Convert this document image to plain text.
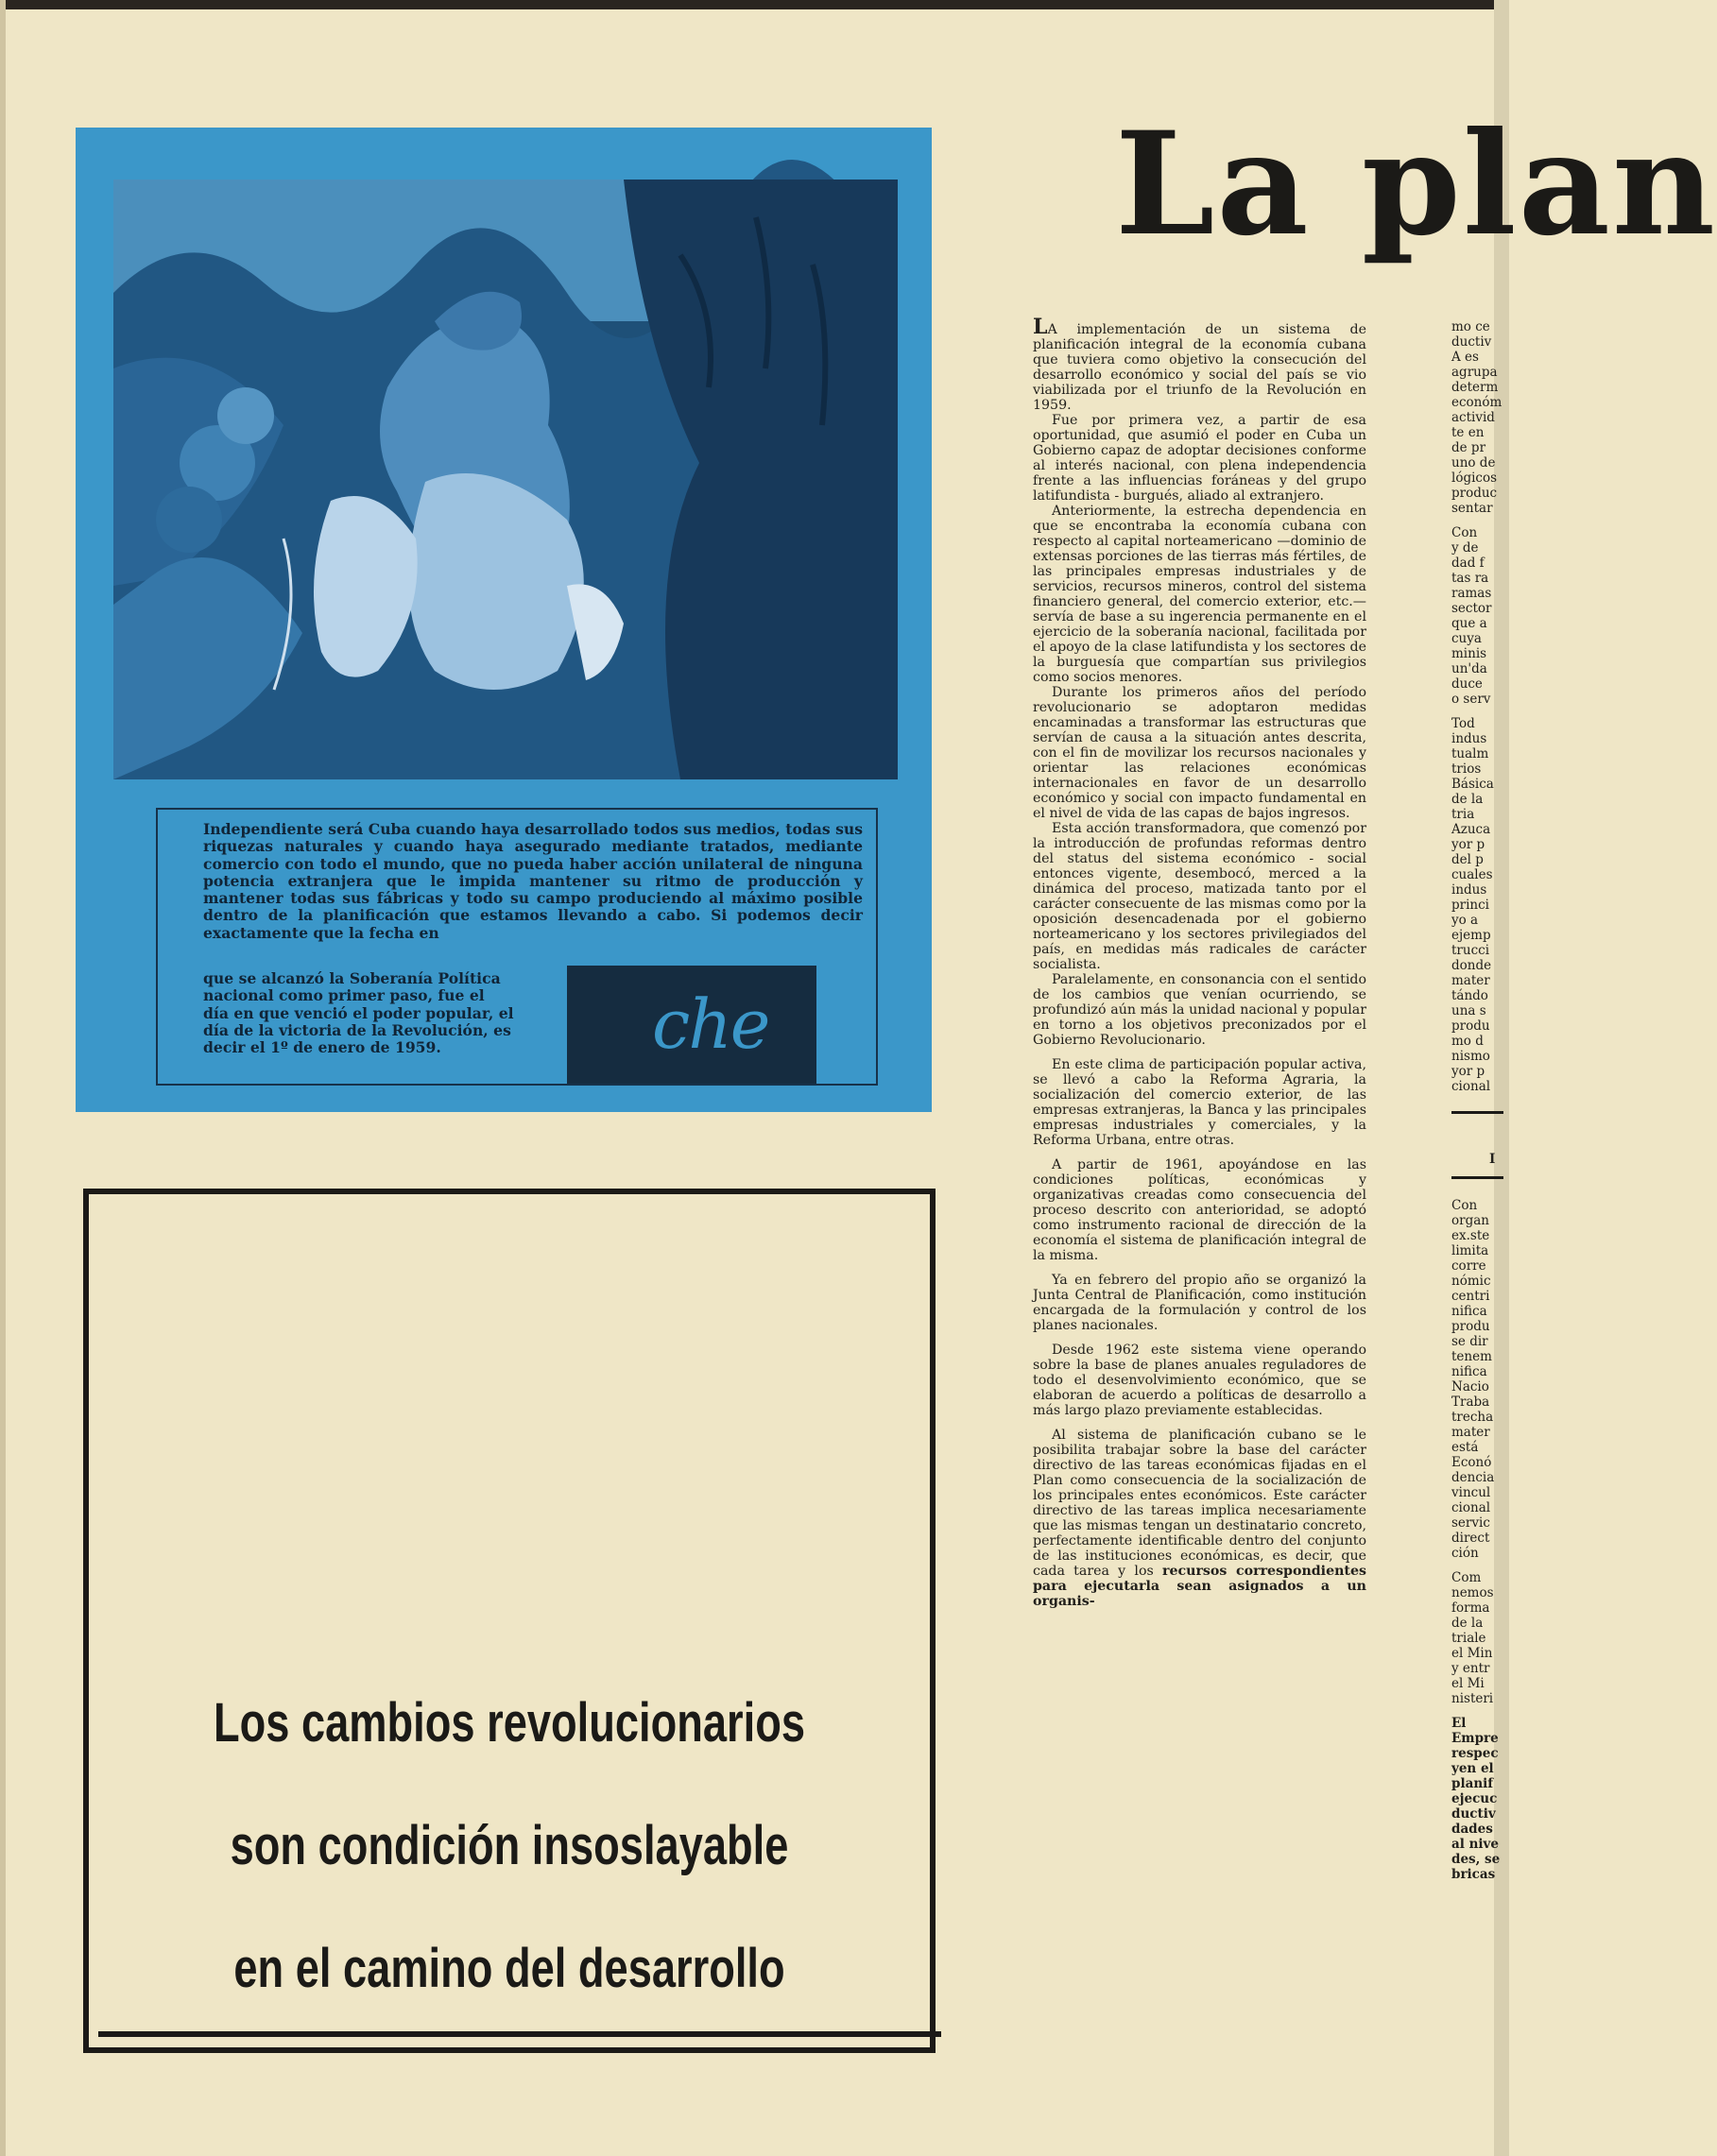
Independiente será Cuba cuando haya desarrollado todos sus medios, todas sus riquezas naturales y cuando haya asegurado mediante tratados, mediante comercio con todo el mundo, que no pueda haber acción unilateral de ninguna potencia extranjera que le impida mantener su ritmo de producción y mantener todas sus fábricas y todo su campo produciendo al máximo posible dentro de la planificación que estamos llevando a cabo. Si podemos decir exactamente que la fecha en
que se alcanzó la Soberanía Política nacional como primer paso, fue el día en que venció el poder popular, el día de la victoria de la Revolución, es decir el 1º de enero de 1959.	che
Los cambios revolucionarios
son condición insoslayable
en el camino del desarrollo
La plan

LA implementación de un sistema de planificación integral de la economía cubana que tuviera como objetivo la consecución del desarrollo económico y social del país se vio viabilizada por el triunfo de la Revolución en 1959.

Fue por primera vez, a partir de esa oportunidad, que asumió el poder en Cuba un Gobierno capaz de adoptar decisiones conforme al interés nacional, con plena independencia frente a las influencias foráneas y del grupo latifundista - burgués, aliado al extranjero.

Anteriormente, la estrecha dependencia en que se encontraba la economía cubana con respecto al capital norteamericano —dominio de extensas porciones de las tierras más fértiles, de las principales empresas industriales y de servicios, recursos mineros, control del sistema financiero general, del comercio exterior, etc.— servía de base a su ingerencia permanente en el ejercicio de la soberanía nacional, facilitada por el apoyo de la clase latifundista y los sectores de la burguesía que compartían sus privilegios como socios menores.

Durante los primeros años del período revolucionario se adoptaron medidas encaminadas a transformar las estructuras que servían de causa a la situación antes descrita, con el fin de movilizar los recursos nacionales y orientar las relaciones económicas internacionales en favor de un desarrollo económico y social con impacto fundamental en el nivel de vida de las capas de bajos ingresos.

Esta acción transformadora, que comenzó por la introducción de profundas reformas dentro del status del sistema económico - social entonces vigente, desembocó, merced a la dinámica del proceso, matizada tanto por el carácter consecuente de las mismas como por la oposición desencadenada por el gobierno norteamericano y los sectores privilegiados del país, en medidas más radicales de carácter socialista.

Paralelamente, en consonancia con el sentido de los cambios que venían ocurriendo, se profundizó aún más la unidad nacional y popular en torno a los objetivos preconizados por el Gobierno Revolucionario.

En este clima de participación popular activa, se llevó a cabo la Reforma Agraria, la socialización del comercio exterior, de las empresas extranjeras, la Banca y las principales empresas industriales y comerciales, y la Reforma Urbana, entre otras.

A partir de 1961, apoyándose en las condiciones políticas, económicas y organizativas creadas como consecuencia del proceso descrito con anterioridad, se adoptó como instrumento racional de dirección de la economía el sistema de planificación integral de la misma.

Ya en febrero del propio año se organizó la Junta Central de Planificación, como institución encargada de la formulación y control de los planes nacionales.

Desde 1962 este sistema viene operando sobre la base de planes anuales reguladores de todo el desenvolvimiento económico, que se elaboran de acuerdo a políticas de desarrollo a más largo plazo previamente establecidas.

Al sistema de planificación cubano se le posibilita trabajar sobre la base del carácter directivo de las tareas económicas fijadas en el Plan como consecuencia de la socialización de los principales entes económicos. Este carácter directivo de las tareas implica necesariamente que las mismas tengan un destinatario concreto, perfectamente identificable dentro del conjunto de las instituciones económicas, es decir, que cada tarea y los recursos correspondientes para ejecutarla sean asignados a un organis-

mo ce
ductiv
A es
agrupa
determ
económ
activid
te en
de pr
uno de
lógicos
produc
sentar
Con
y de
dad f
tas ra
ramas
sector
que a
cuya
minis
un'da
duce
o serv
Tod
indus
tualm
trios
Básica
de la
tria
Azuca
yor p
del p
cuales
indus
princi
yo a
ejemp
trucci
donde
mater
tándo
una s
produ
mo d
nismo
yor p
cional
I
Con
organ
ex.ste
limita
corre
nómic
centri
nifica
produ
se dir
tenem
nifica
Nacio
Traba
trecha
mater
está
Econó
dencia
vincul
cional
servic
direct
ción
Com
nemos
forma
de la
triale
el Min
y entr
el Mi
nisteri
El
Empre
respec
yen el
planif
ejecuc
ductiv
dades
al nive
des, se
bricas
